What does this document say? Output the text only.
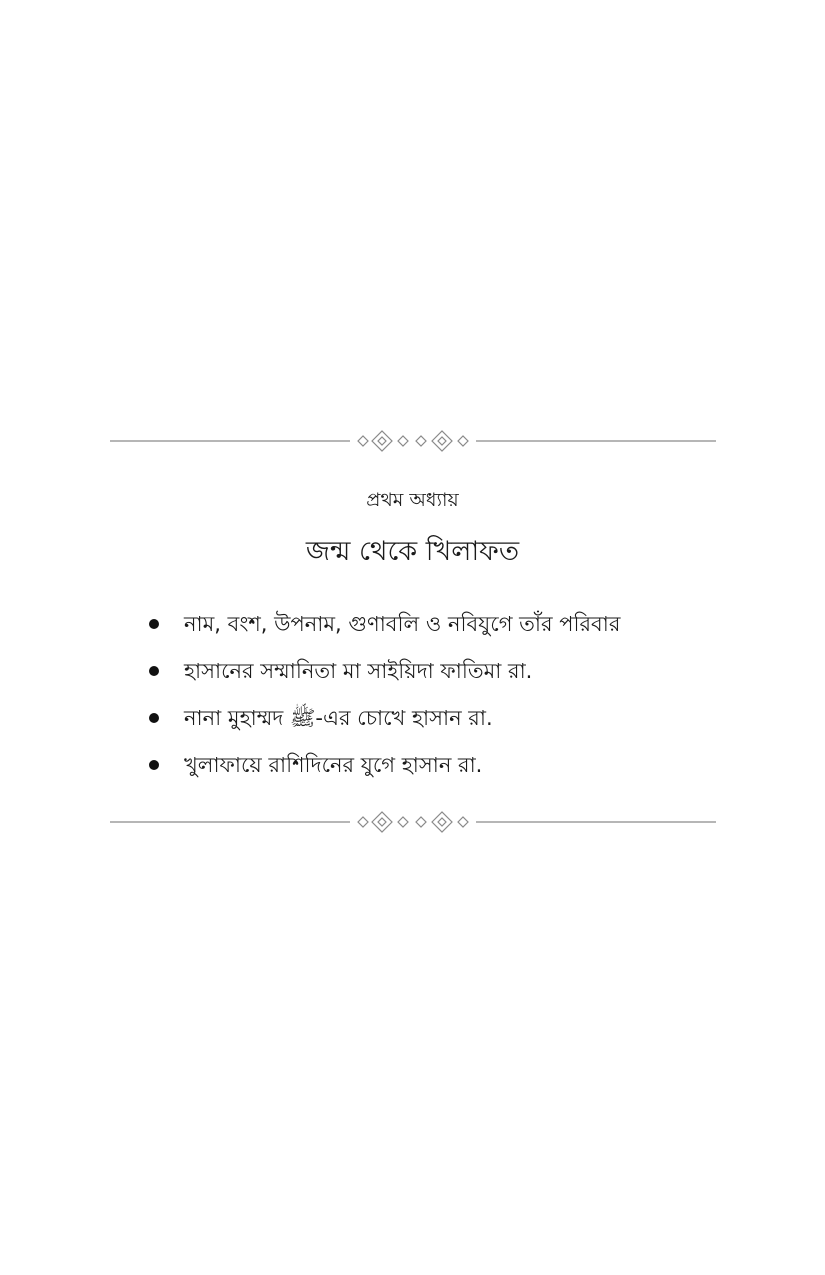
প্রথম অধ্যায়
জন্ম থেকে খিলাফত
নাম, বংশ, উপনাম, গুণাবলি ও নবিযুগে তাঁর পরিবার
হাসানের সম্মানিতা মা সাইয়িদা ফাতিমা রা.
নানা মুহাম্মদ ﷺ-এর চোখে হাসান রা.
খুলাফায়ে রাশিদিনের যুগে হাসান রা.
